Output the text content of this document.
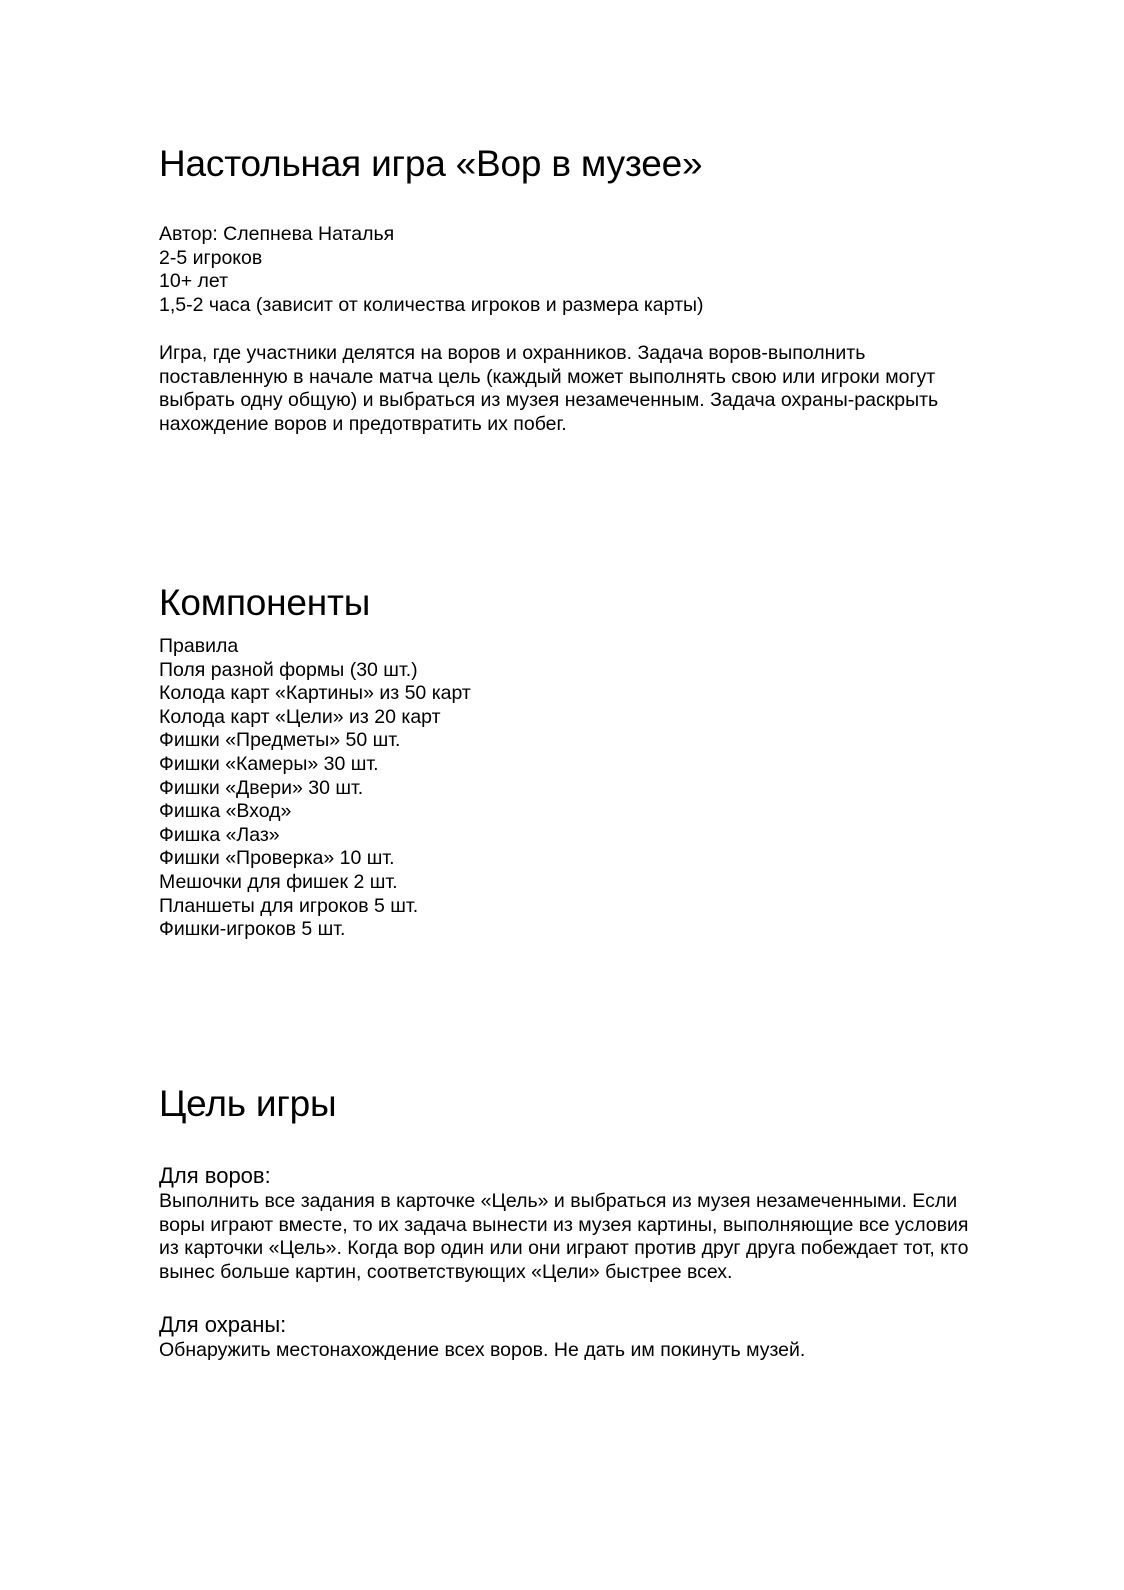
Настольная игра «Вор в музее»
Автор: Слепнева Наталья
2-5 игроков
10+ лет
1,5-2 часа (зависит от количества игроков и размера карты)
Игра, где участники делятся на воров и охранников. Задача воров-выполнить
поставленную в начале матча цель (каждый может выполнять свою или игроки могут
выбрать одну общую) и выбраться из музея незамеченным. Задача охраны-раскрыть
нахождение воров и предотвратить их побег.
Компоненты
Правила
Поля разной формы (30 шт.)
Колода карт «Картины» из 50 карт
Колода карт «Цели» из 20 карт
Фишки «Предметы» 50 шт.
Фишки «Камеры» 30 шт.
Фишки «Двери» 30 шт.
Фишка «Вход»
Фишка «Лаз»
Фишки «Проверка» 10 шт.
Мешочки для фишек 2 шт.
Планшеты для игроков 5 шт.
Фишки-игроков 5 шт.
Цель игры
Для воров:
Выполнить все задания в карточке «Цель» и выбраться из музея незамеченными. Если
воры играют вместе, то их задача вынести из музея картины, выполняющие все условия
из карточки «Цель». Когда вор один или они играют против друг друга побеждает тот, кто
вынес больше картин, соответствующих «Цели» быстрее всех.
Для охраны:
Обнаружить местонахождение всех воров. Не дать им покинуть музей.
